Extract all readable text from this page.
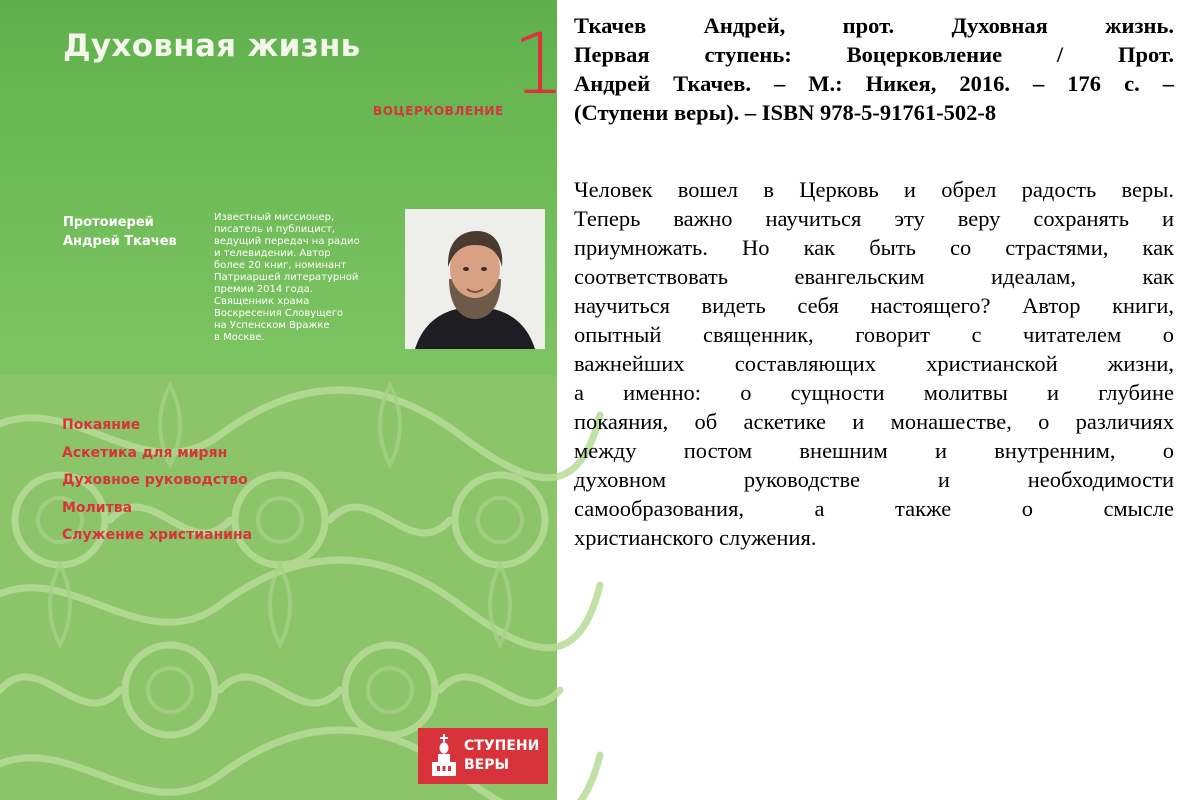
Духовная жизнь 1
ВОЦЕРКОВЛЕНИЕ
Протоиерей
Андрей Ткачев
Известный миссионер,
писатель и публицист,
ведущий передач на радио
и телевидении. Автор
более 20 книг, номинант
Патриаршей литературной
премии 2014 года.
Священник храма
Воскресения Словущего
на Успенском Вражке
в Москве.
Покаяние
Аскетика для мирян
Духовное руководство
Молитва
Служение христианина
СТУПЕНИ
ВЕРЫ
Ткачев Андрей, прот. Духовная жизнь.
Первая ступень: Воцерковление / Прот.
Андрей Ткачев. – М.: Никея, 2016. – 176 с. –
(Ступени веры). – ISBN 978-5-91761-502-8
Человек вошел в Церковь и обрел радость веры.
Теперь важно научиться эту веру сохранять и
приумножать. Но как быть со страстями, как
соответствовать евангельским идеалам, как
научиться видеть себя настоящего? Автор книги,
опытный священник, говорит с читателем о
важнейших составляющих христианской жизни,
а именно: о сущности молитвы и глубине
покаяния, об аскетике и монашестве, о различиях
между постом внешним и внутренним, о
духовном руководстве и необходимости
самообразования, а также о смысле
христианского служения.
